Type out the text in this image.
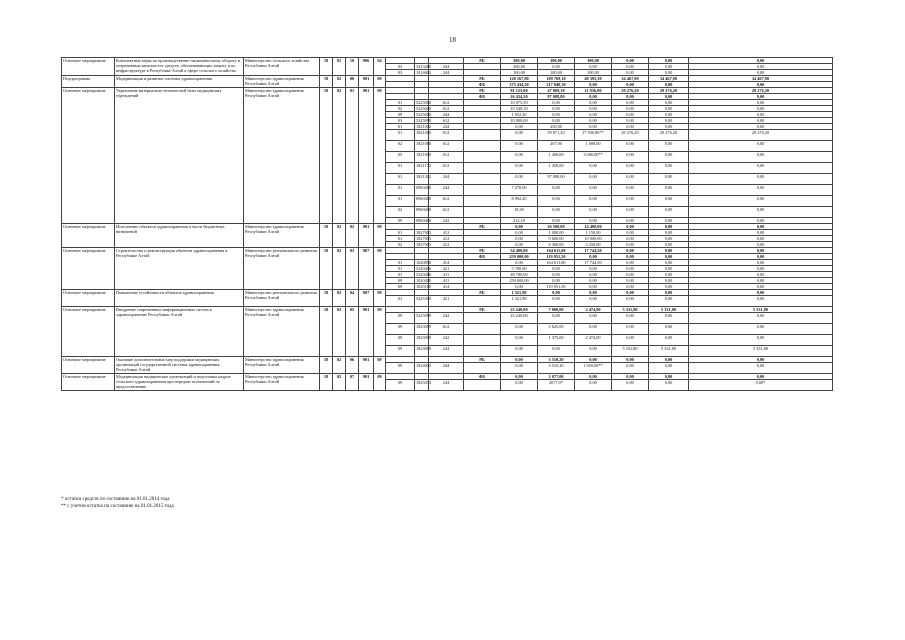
18
Основное мероприятие	Комплектные меры по производственно-экономическому обороту и оперативным каналом тех средств, обеспечивающих защиту и по инфраструктуре в Республике Алтай в сфере сельского хозяйства	Министерство сельского хозяйства Республики Алтай	18	01	10	906	04				РБ	300,00	100,00	100,00	0,00	0,00	0,00
								03	3223460	244		200,00	0,00	0,00	0,00	0,00	0,00
								03	1914603	244		100,00	100,00	100,00	0,00	0,00	0,00
Подпрограмма	Модернизация и развитие системы здравоохранения	Министерство здравоохранения Республики Алтай	18	02	00	901	09				РБ	128 167,00	109 769,10	48 395,30	34 467,90	34 467,90	34 467,90
											ФБ	275 434,20	217 040,30	0,00	0,00	0,00	0,00
Основное мероприятие	Укрепление материально-технической базы медицинских учреждений	Министерство здравоохранения Республики Алтай	18	02	01	901	09				РБ	81 125,00	47 869,10	11 936,80	29 276,20	29 276,20	29 276,20
											ФБ	26 434,20	97 088,80	0,00	0,00	0,00	0,00
								01	5225000	612		10 075,50	0,00	0,00	0,00	0,00	0,00
								02	5225000	612		10 548,10	0,00	0,00	0,00	0,00	0,00
								09	5225000	244		1 052,20	0,00	0,00	0,00	0,00	0,00
								03	5225999	612		10 000,00	0,00	0,00	0,00	0,00	0,00
								01	1821002	244		0,00	250,00	0,00	0,00	0,00	0,00
								01	1821000	612		0,00	39 871,20	17 936,80**	29 276,20	29 276,20	29 276,20
								02	1821000	612		0,00	207,00	1 000,00	0,00	0,00	0,00
								05	1821000	612		0,00	1 400,00	3 000,00**	0,00	0,00	0,00
								01	1821172	612		0,00	1 458,00	0,00	0,00	0,00	0,00
								01	1821302	244		0,00	97 088,00	0,00	0,00	0,00	0,00
								01	0960400	244		7 270,00	0,00	0,00	0,00	0,00	0,00
								01	0960400	612		8 992,20	0,00	0,00	0,00	0,00	0,00
								02	0960400	612		18,30	0,00	0,00	0,00	0,00	0,00
								09	0960400	242		212,10	0,00	0,00	0,00	0,00	0,00
Основное мероприятие	Исполнение объектов здравоохранения в части бюджетных назначений	Министерство здравоохранения Республики Алтай	18	02	02	901	09				РБ	0,00	26 500,00	14 400,00	0,00	0,00	0,00
								01	1827003	412		0,00	1 000,00	1 150,00	0,00	0,00	0,00
								01	1827003	412		0,00	9 600,00	10 000,00	0,00	0,00	0,00
								02	1827003	412		0,00	6 300,00	3 250,00	0,00	0,00	0,00
Основное мероприятие	Строительство и реконструкция объектов здравоохранения в Республике Алтай	Министерство регионального развития Республики Алтай	18	02	03	907	09				РБ	54 480,00	164 611,80	17 744,50	0,00	0,00	0,00
											ФБ	259 000,00	119 951,50	0,00	0,00	0,00	0,00
								01	1020850	414		0,00	164 611,80	17 744,50	0,00	0,00	0,00
								01	5220406	421		5 700,00	0,00	0,00	0,00	0,00	0,00
								01	5220406	411		48 780,00	0,00	0,00	0,00	0,00	0,00
								09	1020410	411		259 000,00	0,00	0,00	0,00	0,00	0,00
								09	1025110	414		0,00	119 951,50	0,00	0,00	0,00	0,00
Основное мероприятие	Повышение устойчивости объектов здравоохранения	Министерство регионального развития Республики Алтай	18	02	04	907	09				РБ	1 321,80	0,00	0,00	0,00	0,00	0,00
								01	5225310	421		1 321,80	0,00	0,00	0,00	0,00	0,00
Основное мероприятие	Внедрение современных информационных систем в здравоохранение Республики Алтай	Министерство здравоохранения Республики Алтай	18	02	05	901	09				РБ	23 240,00	7 000,00	2 474,00	5 331,80	5 331,80	5 331,80
								09	5225999	242		23 240,00	0,00	0,00	0,00	0,00	0,00
								09	1823009	612		0,00	5 625,00	0,00	0,00	0,00	0,00
								09	1823009	242		0,00	1 375,00	2 474,00	0,00	0,00	0,00
								09	1823009	244		0,00	0,00	0,00	5 331,80	5 331,80	5 331,80
Основное мероприятие	Оказание дополнительных мер поддержки медицинских организаций государственной системы здравоохранения Республики Алтай	Министерство здравоохранения Республики Алтай	18	02	06	901	09				РБ	0,00	3 510,20	0,00	0,00	0,00	0,00
								09	1824003	244		0,00	3 510,20	1 650,00**	0,00	0,00	0,00
Основное мероприятие	Модернизация медицинских организаций и подготовка кадров сельского здравоохранения при передаче полномочий по предоставлению	Министерство здравоохранения Республики Алтай	18	02	07	901	09				ФБ	0,00	2 077,00	0,00	0,00	0,00	0,00
								09	1825074	244		0,00	2077,0*	0,00	0,00	0,00	0,00*
* остатки средств по состоянию на 01.01.2014 года
** с учетом остатка по состоянию на 01.01.2015 года
